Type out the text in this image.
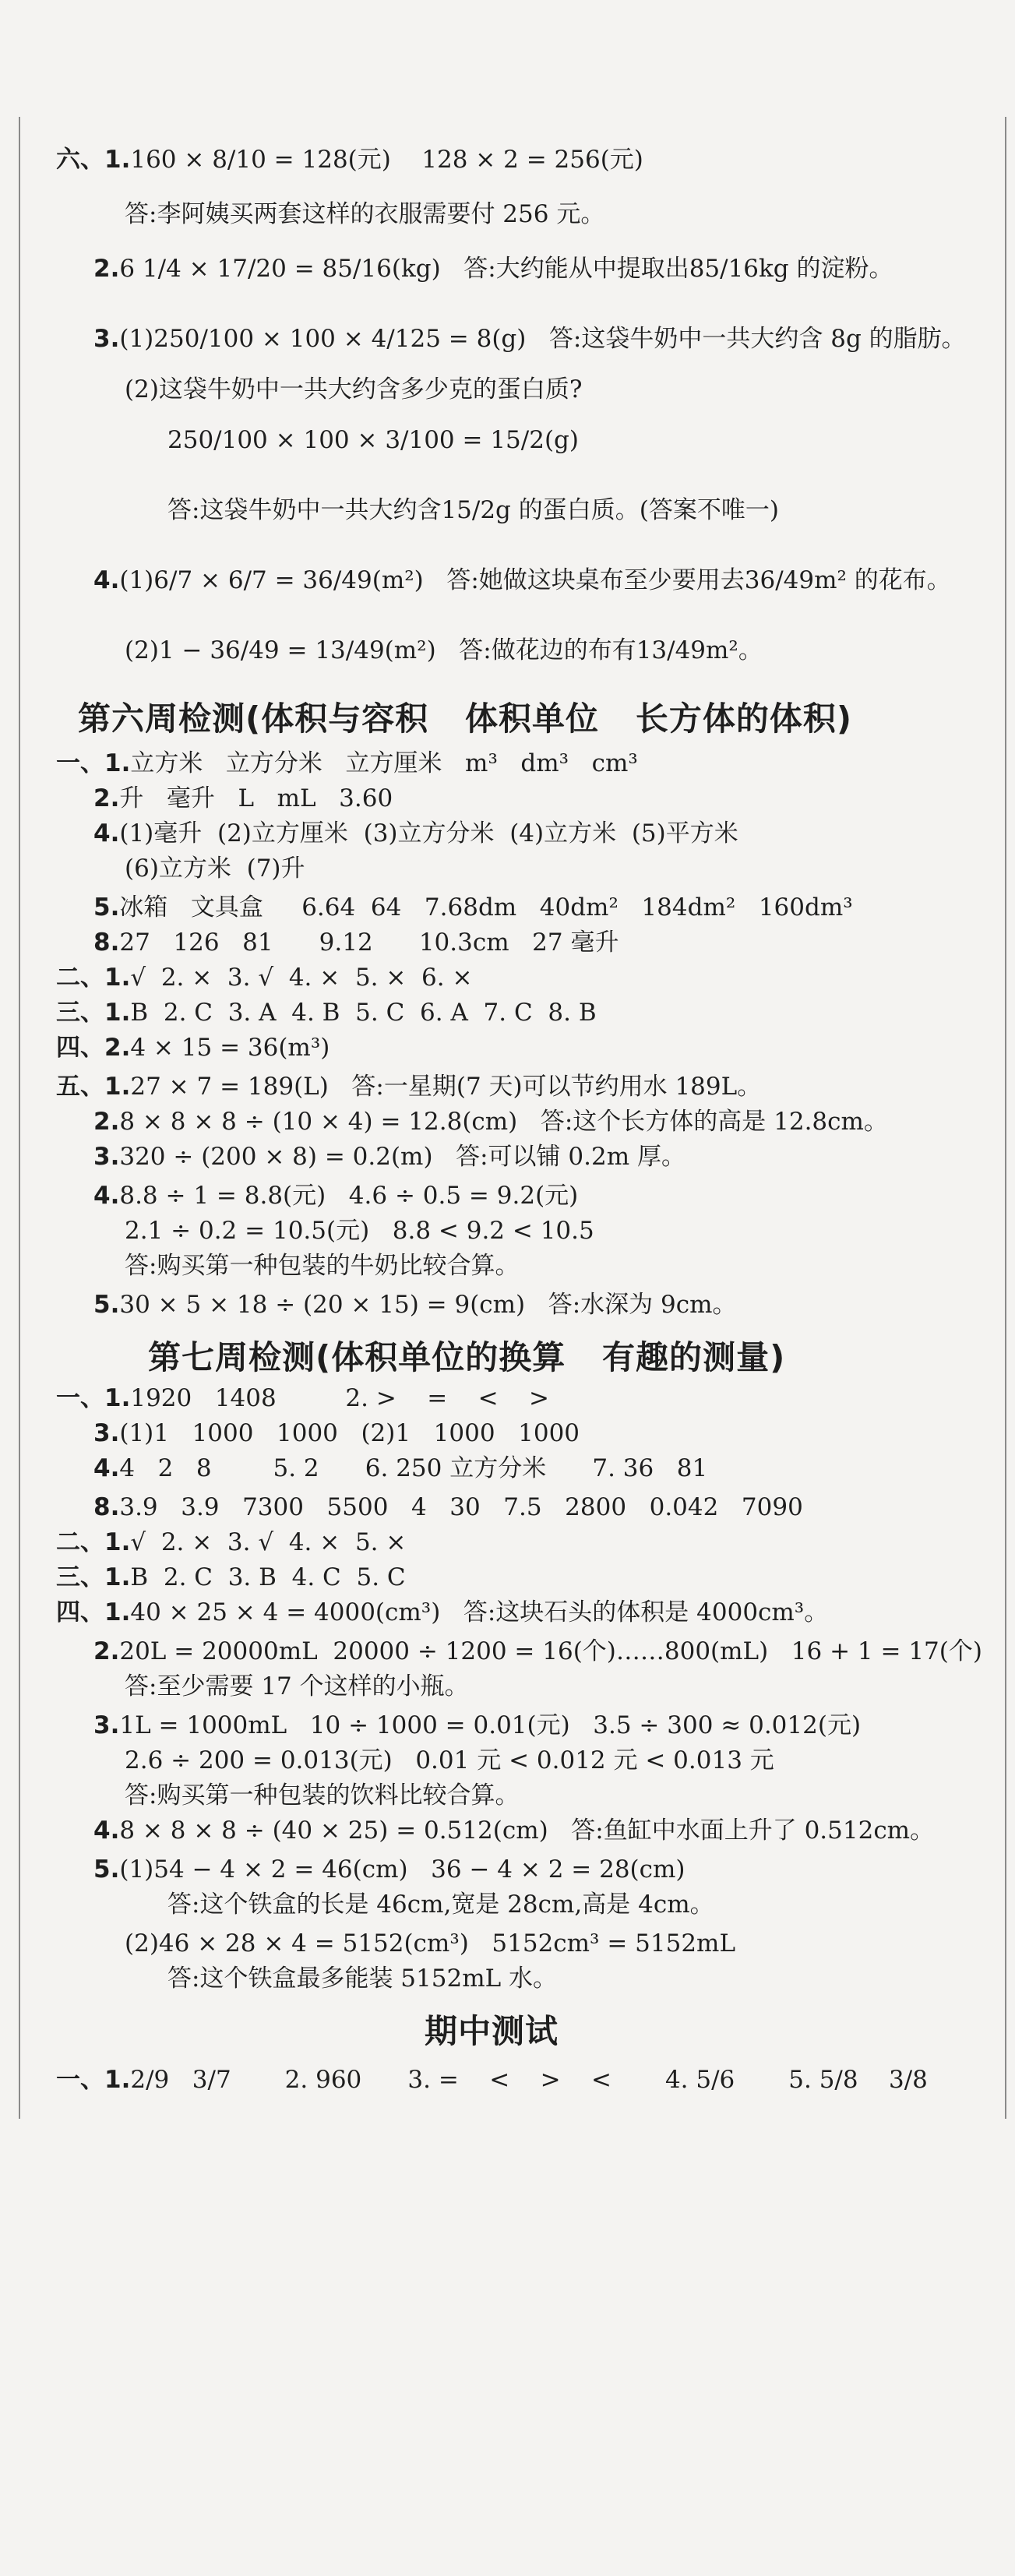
六、1.160 × 8/10 = 128(元)    128 × 2 = 256(元)
答:李阿姨买两套这样的衣服需要付 256 元。
2.6 1/4 × 17/20 = 85/16(kg)   答:大约能从中提取出85/16kg 的淀粉。
3.(1)250/100 × 100 × 4/125 = 8(g)   答:这袋牛奶中一共大约含 8g 的脂肪。
(2)这袋牛奶中一共大约含多少克的蛋白质?
250/100 × 100 × 3/100 = 15/2(g)
答:这袋牛奶中一共大约含15/2g 的蛋白质。(答案不唯一)
4.(1)6/7 × 6/7 = 36/49(m²)   答:她做这块桌布至少要用去36/49m² 的花布。
(2)1 − 36/49 = 13/49(m²)   答:做花边的布有13/49m²。
第六周检测(体积与容积   体积单位   长方体的体积)
一、1.立方米   立方分米   立方厘米   m³   dm³   cm³
2.升   毫升   L   mL   3.60
4.(1)毫升  (2)立方厘米  (3)立方分米  (4)立方米  (5)平方米
(6)立方米  (7)升
5.冰箱   文具盒     6.64  64   7.68dm   40dm²   184dm²   160dm³
8.27   126   81      9.12      10.3cm   27 毫升
二、1.√  2. ×  3. √  4. ×  5. ×  6. ×
三、1.B  2. C  3. A  4. B  5. C  6. A  7. C  8. B
四、2.4 × 15 = 36(m³)
五、1.27 × 7 = 189(L)   答:一星期(7 天)可以节约用水 189L。
2.8 × 8 × 8 ÷ (10 × 4) = 12.8(cm)   答:这个长方体的高是 12.8cm。
3.320 ÷ (200 × 8) = 0.2(m)   答:可以铺 0.2m 厚。
4.8.8 ÷ 1 = 8.8(元)   4.6 ÷ 0.5 = 9.2(元)
2.1 ÷ 0.2 = 10.5(元)   8.8 < 9.2 < 10.5
答:购买第一种包装的牛奶比较合算。
5.30 × 5 × 18 ÷ (20 × 15) = 9(cm)   答:水深为 9cm。
第七周检测(体积单位的换算   有趣的测量)
一、1.1920   1408         2. >    =    <    >
3.(1)1   1000   1000   (2)1   1000   1000
4.4   2   8        5. 2      6. 250 立方分米      7. 36   81
8.3.9   3.9   7300   5500   4   30   7.5   2800   0.042   7090
二、1.√  2. ×  3. √  4. ×  5. ×
三、1.B  2. C  3. B  4. C  5. C
四、1.40 × 25 × 4 = 4000(cm³)   答:这块石头的体积是 4000cm³。
2.20L = 20000mL  20000 ÷ 1200 = 16(个)……800(mL)   16 + 1 = 17(个)
答:至少需要 17 个这样的小瓶。
3.1L = 1000mL   10 ÷ 1000 = 0.01(元)   3.5 ÷ 300 ≈ 0.012(元)
2.6 ÷ 200 = 0.013(元)   0.01 元 < 0.012 元 < 0.013 元
答:购买第一种包装的饮料比较合算。
4.8 × 8 × 8 ÷ (40 × 25) = 0.512(cm)   答:鱼缸中水面上升了 0.512cm。
5.(1)54 − 4 × 2 = 46(cm)   36 − 4 × 2 = 28(cm)
答:这个铁盒的长是 46cm,宽是 28cm,高是 4cm。
(2)46 × 28 × 4 = 5152(cm³)   5152cm³ = 5152mL
答:这个铁盒最多能装 5152mL 水。
期中测试
一、1.2/9   3/7       2. 960      3. =    <    >    <       4. 5/6       5. 5/8    3/8
